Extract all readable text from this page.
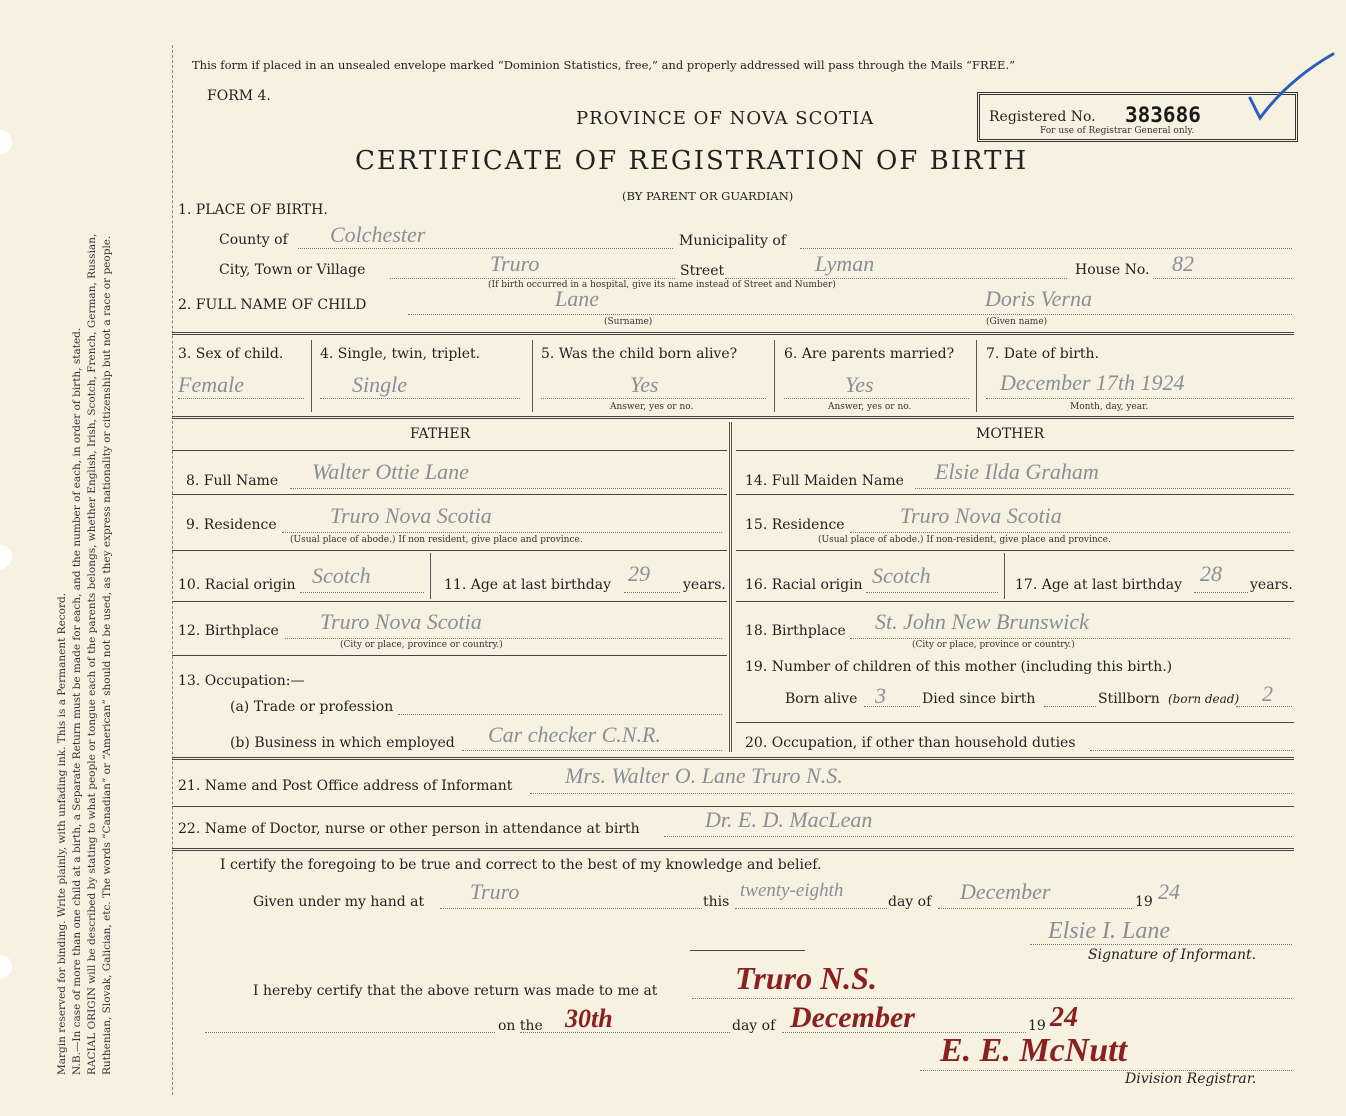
Margin reserved for binding. Write plainly, with unfading ink. This is a Permanent Record. N.B.—In case of more than one child at a birth, a Separate Return must be made for each, and the number of each, in order of birth, stated. RACIAL ORIGIN will be described by stating to what people or tongue each of the parents belongs, whether English, Irish, Scotch, French, German, Russian, Ruthenian, Slovak, Galician, etc. The words “Canadian” or “American” should not be used, as they express nationality or citizenship but not a race or people.
This form if placed in an unsealed envelope marked “Dominion Statistics, free,” and properly addressed will pass through the Mails “FREE.”
FORM 4.
PROVINCE OF NOVA SCOTIA
CERTIFICATE OF REGISTRATION OF BIRTH
(BY PARENT OR GUARDIAN)
Registered No. 383686
For use of Registrar General only.
1. PLACE OF BIRTH.
County of Colchester	Municipality of
City, Town or Village	Truro	Street	Lyman	House No. 82
(If birth occurred in a hospital, give its name instead of Street and Number)
2. FULL NAME OF CHILD	Lane	Doris Verna
(Surname)	(Given name)
3. Sex of child.
Female
4. Single, twin, triplet.
Single
5. Was the child born alive?
Yes
Answer, yes or no.
6. Are parents married?
Yes
Answer, yes or no.
7. Date of birth.
December 17th 1924
Month, day, year.
FATHER	MOTHER
8. Full Name Walter Ottie Lane	14. Full Maiden Name Elsie Ilda Graham
9. Residence Truro Nova Scotia
(Usual place of abode.) If non resident, give place and province.
15. Residence	Truro Nova Scotia
(Usual place of abode.) If non-resident, give place and province.
10. Racial origin Scotch	11. Age at last birthday 29 years. 16. Racial origin Scotch	17. Age at last birthday 28 years.
12. Birthplace Truro Nova Scotia
(City or place, province or country.)
18. Birthplace St. John New Brunswick
(City or place, province or country.)
13. Occupation:—
(a) Trade or profession
(b) Business in which employed Car checker C.N.R.
19. Number of children of this mother (including this birth.)
Born alive 3	Died since birth	Stillborn (born dead) 2
20. Occupation, if other than household duties
21. Name and Post Office address of Informant Mrs. Walter O. Lane Truro N.S.
22. Name of Doctor, nurse or other person in attendance at birth	Dr. E. D. MacLean
I certify the foregoing to be true and correct to the best of my knowledge and belief.
Given under my hand at Truro	this
twenty-eighth
day of December	19 24
Elsie I. Lane
Signature of Informant.
I hereby certify that the above return was made to me at Truro N.S.
on the 30th	day of December	19 24
E. E. McNutt
Division Registrar.
